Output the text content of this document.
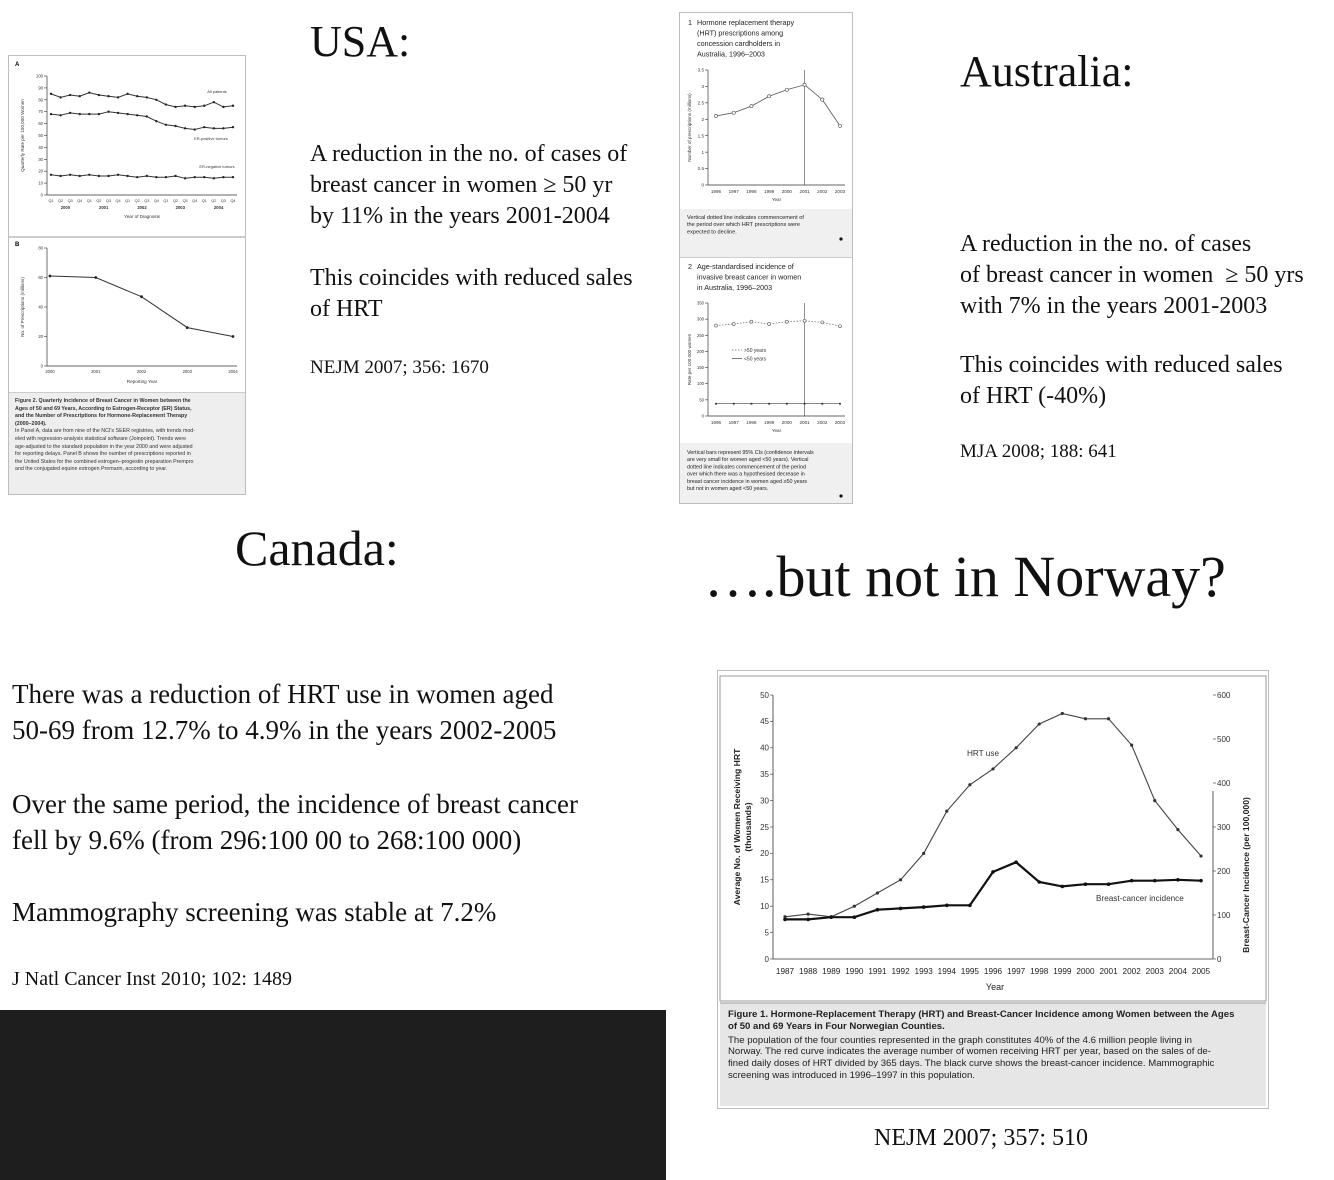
USA:
A reduction in the no. of cases of
breast cancer in women ≥ 50 yr
by 11% in the years 2001-2004
This coincides with reduced sales
of HRT
NEJM 2007; 356: 1670
Australia:
A reduction in the no. of cases
of breast cancer in women  ≥ 50 yrs
with 7% in the years 2001-2003
This coincides with reduced sales
of HRT (-40%)
MJA 2008; 188: 641
Canada:
There was a reduction of HRT use in women aged
50-69 from 12.7% to 4.9% in the years 2002-2005
Over the same period, the incidence of breast cancer
fell by 9.6% (from 296:100 00 to 268:100 000)
Mammography screening was stable at 7.2%
J Natl Cancer Inst 2010; 102: 1489
….but not in Norway?
NEJM 2007; 357: 510
A
0
10
20
30
40
50
60
70
80
90
100
Quarterly Rate per 100,000 Women
Q1 Q2 Q3 Q4 Q1 Q2 Q3 Q4 Q1 Q2 Q3 Q4 Q1 Q2 Q3 Q4 Q1 Q2 Q3 Q4
2000	2001	2002	2003	2004
Year of Diagnosis
All patients
ER-positive tumors
ER-negative tumors
B
0
20
40
60
80
No. of Prescriptions (millions)
2000	2001	2002	2003	2004
Reporting Year
Figure 2. Quarterly Incidence of Breast Cancer in Women between the
Ages of 50 and 69 Years, According to Estrogen-Receptor (ER) Status,
and the Number of Prescriptions for Hormone-Replacement Therapy
(2000–2004).
In Panel A, data are from nine of the NCI's SEER registries, with trends mod-
eled with regression-analysis statistical software (Joinpoint). Trends were
age-adjusted to the standard population in the year 2000 and were adjusted
for reporting delays. Panel B shows the number of prescriptions reported in
the United States for the combined estrogen–progestin preparation Prempro
and the conjugated equine estrogen Premarin, according to year.
1 Hormone replacement therapy
(HRT) prescriptions among
concession cardholders in
Australia, 1996–2003
0
0.5
1
1.5
2
2.5
3
3.5
Number of prescriptions (millions)
1996 1997 1998 1999 2000 2001 2002 2003
Year
Vertical dotted line indicates commencement of
the period over which HRT prescriptions were
expected to decline.
2 Age-standardised incidence of
invasive breast cancer in women
in Australia, 1996–2003
0
50
100
150
200
250
300
350
Rate per 100 000 women
1996 1997 1998 1999 2000 2001 2002 2003
Year
>50 years
<50 years
Vertical bars represent 95% CIs (confidence intervals
are very small for women aged <50 years). Vertical
dotted line indicates commencement of the period
over which there was a hypothesised decrease in
breast cancer incidence in women aged ≥50 years
but not in women aged <50 years.
0
5
10
15
20
25
30
35
40
45
50
0
100
200
300
400
500
600
Average No. of Women Receiving HRT (thousands)	Breast-Cancer Incidence (per 100,000)
1987 1988 1989 1990 1991 1992 1993 1994 1995 1996 1997 1998 1999 2000 2001 2002 2003 2004 2005
Year
HRT use
Breast-cancer incidence
Figure 1. Hormone-Replacement Therapy (HRT) and Breast-Cancer Incidence among Women between the Ages
of 50 and 69 Years in Four Norwegian Counties.
The population of the four counties represented in the graph constitutes 40% of the 4.6 million people living in
Norway. The red curve indicates the average number of women receiving HRT per year, based on the sales of de-
fined daily doses of HRT divided by 365 days. The black curve shows the breast-cancer incidence. Mammographic
screening was introduced in 1996–1997 in this population.
